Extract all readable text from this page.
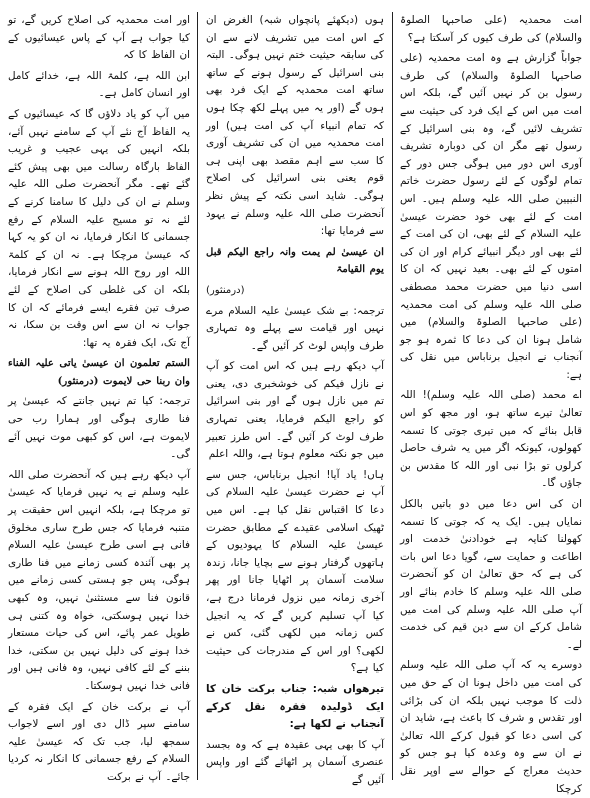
امت محمدیہ (علی صاحبہا الصلوۃ والسلام) کی طرف کیوں کر آسکتا ہے؟

جواباً گزارش ہے وہ امت محمدیہ (علی صاحبہا الصلوۃ والسلام) کی طرف رسول بن کر نہیں آئیں گے، بلکہ اس امت میں اس کے ایک فرد کی حیثیت سے تشریف لائیں گے، وہ بنی اسرائیل کے رسول تھے مگر ان کی دوبارہ تشریف آوری اس دور میں ہوگی جس دور کے تمام لوگوں کے لئے رسول حضرت خاتم النبیین صلی اللہ علیہ وسلم ہیں۔ اس امت کے لئے بھی خود حضرت عیسیٰ علیہ السلام کے لئے بھی، ان کی امت کے لئے بھی اور دیگر انبیائے کرام اور ان کی امتوں کے لئے بھی۔ بعید نہیں کہ ان کا اسی دنیا میں حضرت محمد مصطفی صلی اللہ علیہ وسلم کی امت محمدیہ (علی صاحبہا الصلوۃ والسلام) میں شامل ہونا ان کی دعا کا ثمرہ ہو جو آنجناب نے انجیل برناباس میں نقل کی ہے:

اے محمد (صلی اللہ علیہ وسلم)! اللہ تعالیٰ تیرے ساتھ ہو، اور مجھ کو اس قابل بنائے کہ میں تیری جوتی کا تسمہ کھولوں، کیونکہ اگر میں یہ شرف حاصل کرلوں تو بڑا نبی اور اللہ کا مقدس بن جاؤں گا۔

ان کی اس دعا میں دو باتیں بالکل نمایاں ہیں۔ ایک یہ کہ جوتی کا تسمہ کھولنا کنایہ ہے خودادنیٰ خدمت اور اطاعت و حمایت سے، گویا دعا اس بات کی ہے کہ حق تعالیٰ ان کو آنحضرت صلی اللہ علیہ وسلم کا خادم بنائے اور آپ صلی اللہ علیہ وسلم کی امت میں شامل کرکے ان سے دین قیم کی خدمت لے۔

دوسرے یہ کہ آپ صلی اللہ علیہ وسلم کی امت میں داخل ہونا ان کے حق میں ذلت کا موجب نہیں بلکہ ان کی بڑائی اور تقدس و شرف کا باعث ہے، شاید ان کی اسی دعا کو قبول کرکے اللہ تعالیٰ نے ان سے وہ وعدہ کیا ہو جس کو حدیث معراج کے حوالے سے اوپر نقل کرچکا

ہوں (دیکھئے پانچواں شبہ) الغرض ان کے اس امت میں تشریف لانے سے ان کی سابقہ حیثیت ختم نہیں ہوگی۔ البتہ بنی اسرائیل کے رسول ہونے کے ساتھ ساتھ امت محمدیہ کے ایک فرد بھی ہوں گے (اور یہ میں پہلے لکھ چکا ہوں کہ تمام انبیاء آپ کی امت ہیں) اور امت محمدیہ میں ان کی تشریف آوری کا سب سے اہم مقصد بھی اپنی ہی قوم یعنی بنی اسرائیل کی اصلاح ہوگی۔ شاید اسی نکتہ کے پیش نظر آنحضرت صلی اللہ علیہ وسلم نے یہود سے فرمایا تھا:

ان عیسیٰ لم یمت وانہ راجع الیکم قبل یوم القیامۃ

(درمنثور)

ترجمہ: بے شک عیسیٰ علیہ السلام مرے نہیں اور قیامت سے پہلے وہ تمہاری طرف واپس لوٹ کر آئیں گے۔

آپ دیکھ رہے ہیں کہ اس امت کو آپ نے نازل فیکم کی خوشخبری دی، یعنی تم میں نازل ہوں گے اور بنی اسرائیل کو راجع الیکم فرمایا، یعنی تمہاری طرف لوٹ کر آئیں گے۔ اس طرز تعبیر میں جو نکتہ معلوم ہوتا ہے، واللہ اعلم

ہاں! یاد آیا! انجیل برناباس، جس سے آپ نے حضرت عیسیٰ علیہ السلام کی دعا کا اقتباس نقل کیا ہے۔ اس میں ٹھیک اسلامی عقیدے کے مطابق حضرت عیسیٰ علیہ السلام کا یہودیوں کے ہاتھوں گرفتار ہونے سے بچایا جانا، زندہ سلامت آسمان پر اٹھایا جانا اور پھر آخری زمانہ میں نزول فرمانا درج ہے، کیا آپ تسلیم کریں گے کہ یہ انجیل کس زمانہ میں لکھی گئی، کس نے لکھی؟ اور اس کے مندرجات کی حیثیت کیا ہے؟

تیرھواں شبہ: جناب برکت خان کا ایک ڈولیدہ فقرہ نقل کرکے آنجناب نے لکھا ہے:

آپ کا بھی یہی عقیدہ ہے کہ وہ بجسد عنصری آسمان پر اٹھائے گئے اور واپس آئیں گے

اور امت محمدیہ کی اصلاح کریں گے، تو کیا جواب ہے آپ کے پاس عیسائیوں کے ان الفاظ کا کہ

ابن اللہ ہے، کلمۃ اللہ ہے، خدائے کامل اور انسان کامل ہے۔

میں آپ کو یاد دلاؤں گا کہ عیسائیوں کے یہ الفاظ آج نئے آپ کے سامنے نہیں آئے، بلکہ انہیں کی یہی عجیب و غریب الفاظ بارگاہ رسالت میں بھی پیش کئے گئے تھے۔ مگر آنحضرت صلی اللہ علیہ وسلم نے ان کی دلیل کا سامنا کرنے کے لئے نہ تو مسیح علیہ السلام کے رفع جسمانی کا انکار فرمایا، نہ ان کو یہ کہا کہ عیسیٰ مرچکا ہے۔ نہ ان کے کلمۃ اللہ اور روح اللہ ہونے سے انکار فرمایا، بلکہ ان کی غلطی کی اصلاح کے لئے صرف تین فقرے ایسے فرمائے کہ ان کا جواب نہ ان سے اس وقت بن سکا، نہ آج تک، ایک فقرہ یہ تھا:

الستم تعلمون ان عیسیٰ یاتی علیہ الفناء وان ربنا حی لایموت (درمنثور)

ترجمہ: کیا تم نہیں جانتے کہ عیسیٰ پر فنا طاری ہوگی اور ہمارا رب حی لایموت ہے، اس کو کبھی موت نہیں آئے گی۔

آپ دیکھ رہے ہیں کہ آنحضرت صلی اللہ علیہ وسلم نے یہ نہیں فرمایا کہ عیسیٰ تو مرچکا ہے، بلکہ انہیں اس حقیقت پر متنبہ فرمایا کہ جس طرح ساری مخلوق فانی ہے اسی طرح عیسیٰ علیہ السلام پر بھی آئندہ کسی زمانے میں فنا طاری ہوگی، پس جو ہستی کسی زمانے میں قانون فنا سے مستثنیٰ نہیں، وہ کبھی خدا نہیں ہوسکتی، خواہ وہ کتنی ہی طویل عمر پائے، اس کی حیات مستعار خدا ہونے کی دلیل نہیں بن سکتی، خدا بننے کے لئے کافی نہیں، وہ فانی ہیں اور فانی خدا نہیں ہوسکتا۔

آپ نے برکت خان کے ایک فقرہ کے سامنے سپر ڈال دی اور اسے لاجواب سمجھ لیا، جب تک کہ عیسیٰ علیہ السلام کے رفع جسمانی کا انکار نہ کردیا جائے۔ آپ نے برکت
